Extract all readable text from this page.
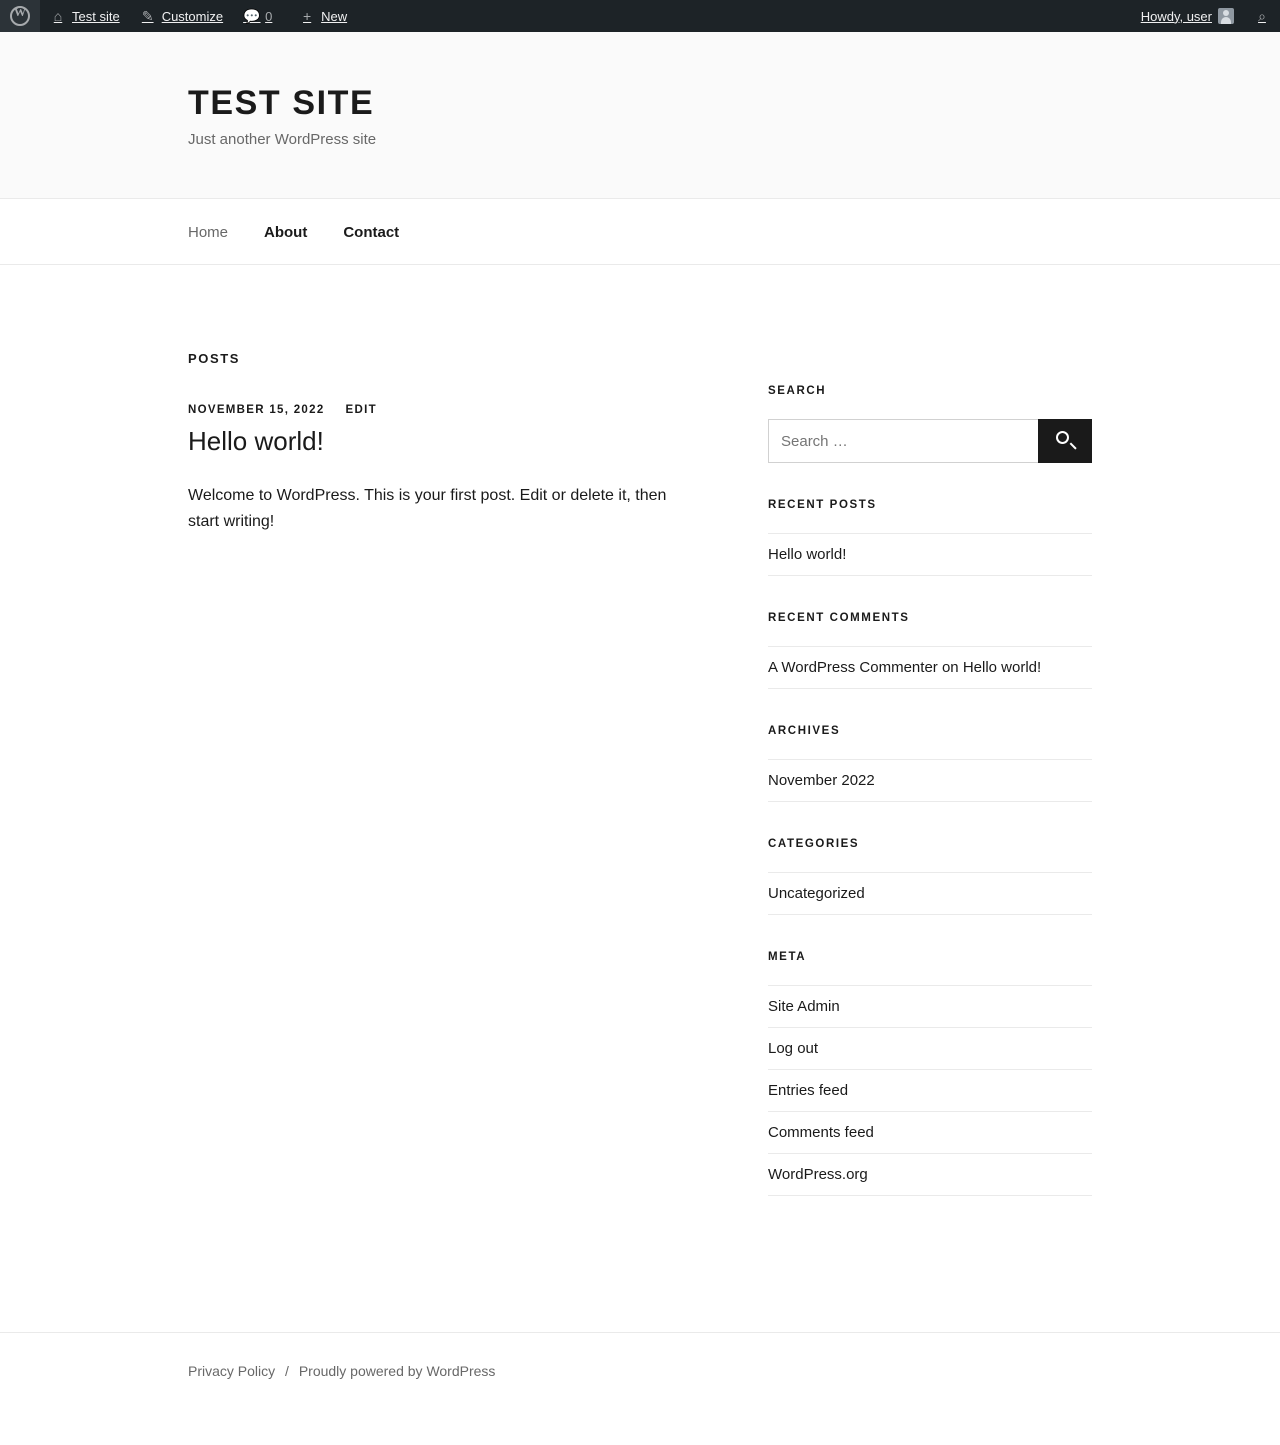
W
⌂ Test site ✎ Customize 💬 0	+ New	Howdy, user	⌕
TEST SITE

Just another WordPress site

Home About Contact
POSTS
NOVEMBER 15, 2022 EDIT
Hello world!
Welcome to WordPress. This is your first post. Edit or delete it, then start writing!
SEARCH
Search …
RECENT POSTS
Hello world!
RECENT COMMENTS
A WordPress Commenter on Hello world!
ARCHIVES
November 2022
CATEGORIES
Uncategorized
META
Site Admin
Log out
Entries feed
Comments feed
WordPress.org
Privacy Policy / Proudly powered by WordPress
